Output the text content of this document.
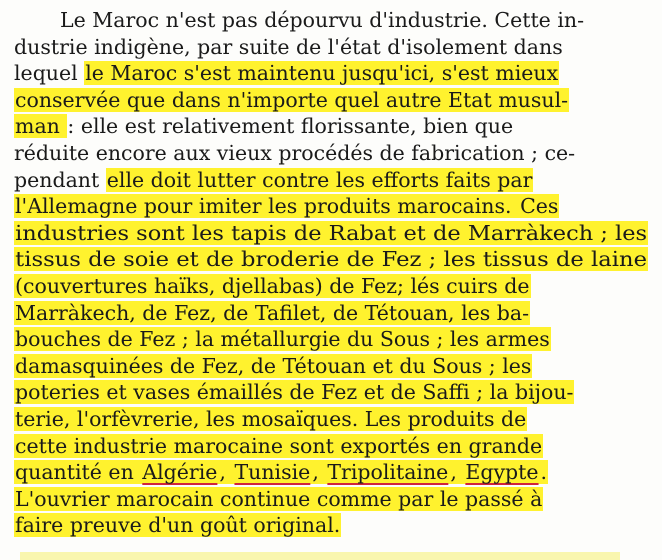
Le Maroc n'est pas dépourvu d'industrie. Cette in-
dustrie indigène, par suite de l'état d'isolement dans
lequel le Maroc s'est maintenu jusqu'ici, s'est mieux
conservée que dans n'importe quel autre Etat musul-
man : elle est relativement florissante, bien que
réduite encore aux vieux procédés de fabrication ; ce-
pendant elle doit lutter contre les efforts faits par
l'Allemagne pour imiter les produits marocains. Ces
industries sont les tapis de Rabat et de Marràkech ; les
tissus de soie et de broderie de Fez ; les tissus de laine
(couvertures haïks, djellabas) de Fez; lés cuirs de
Marràkech, de Fez, de Tafilet, de Tétouan, les ba-
bouches de Fez ; la métallurgie du Sous ; les armes
damasquinées de Fez, de Tétouan et du Sous ; les
poteries et vases émaillés de Fez et de Saffi ; la bijou-
terie, l'orfèvrerie, les mosaïques. Les produits de
cette industrie marocaine sont exportés en grande
quantité en Algérie, Tunisie, Tripolitaine, Egypte.
L'ouvrier marocain continue comme par le passé à
faire preuve d'un goût original.
